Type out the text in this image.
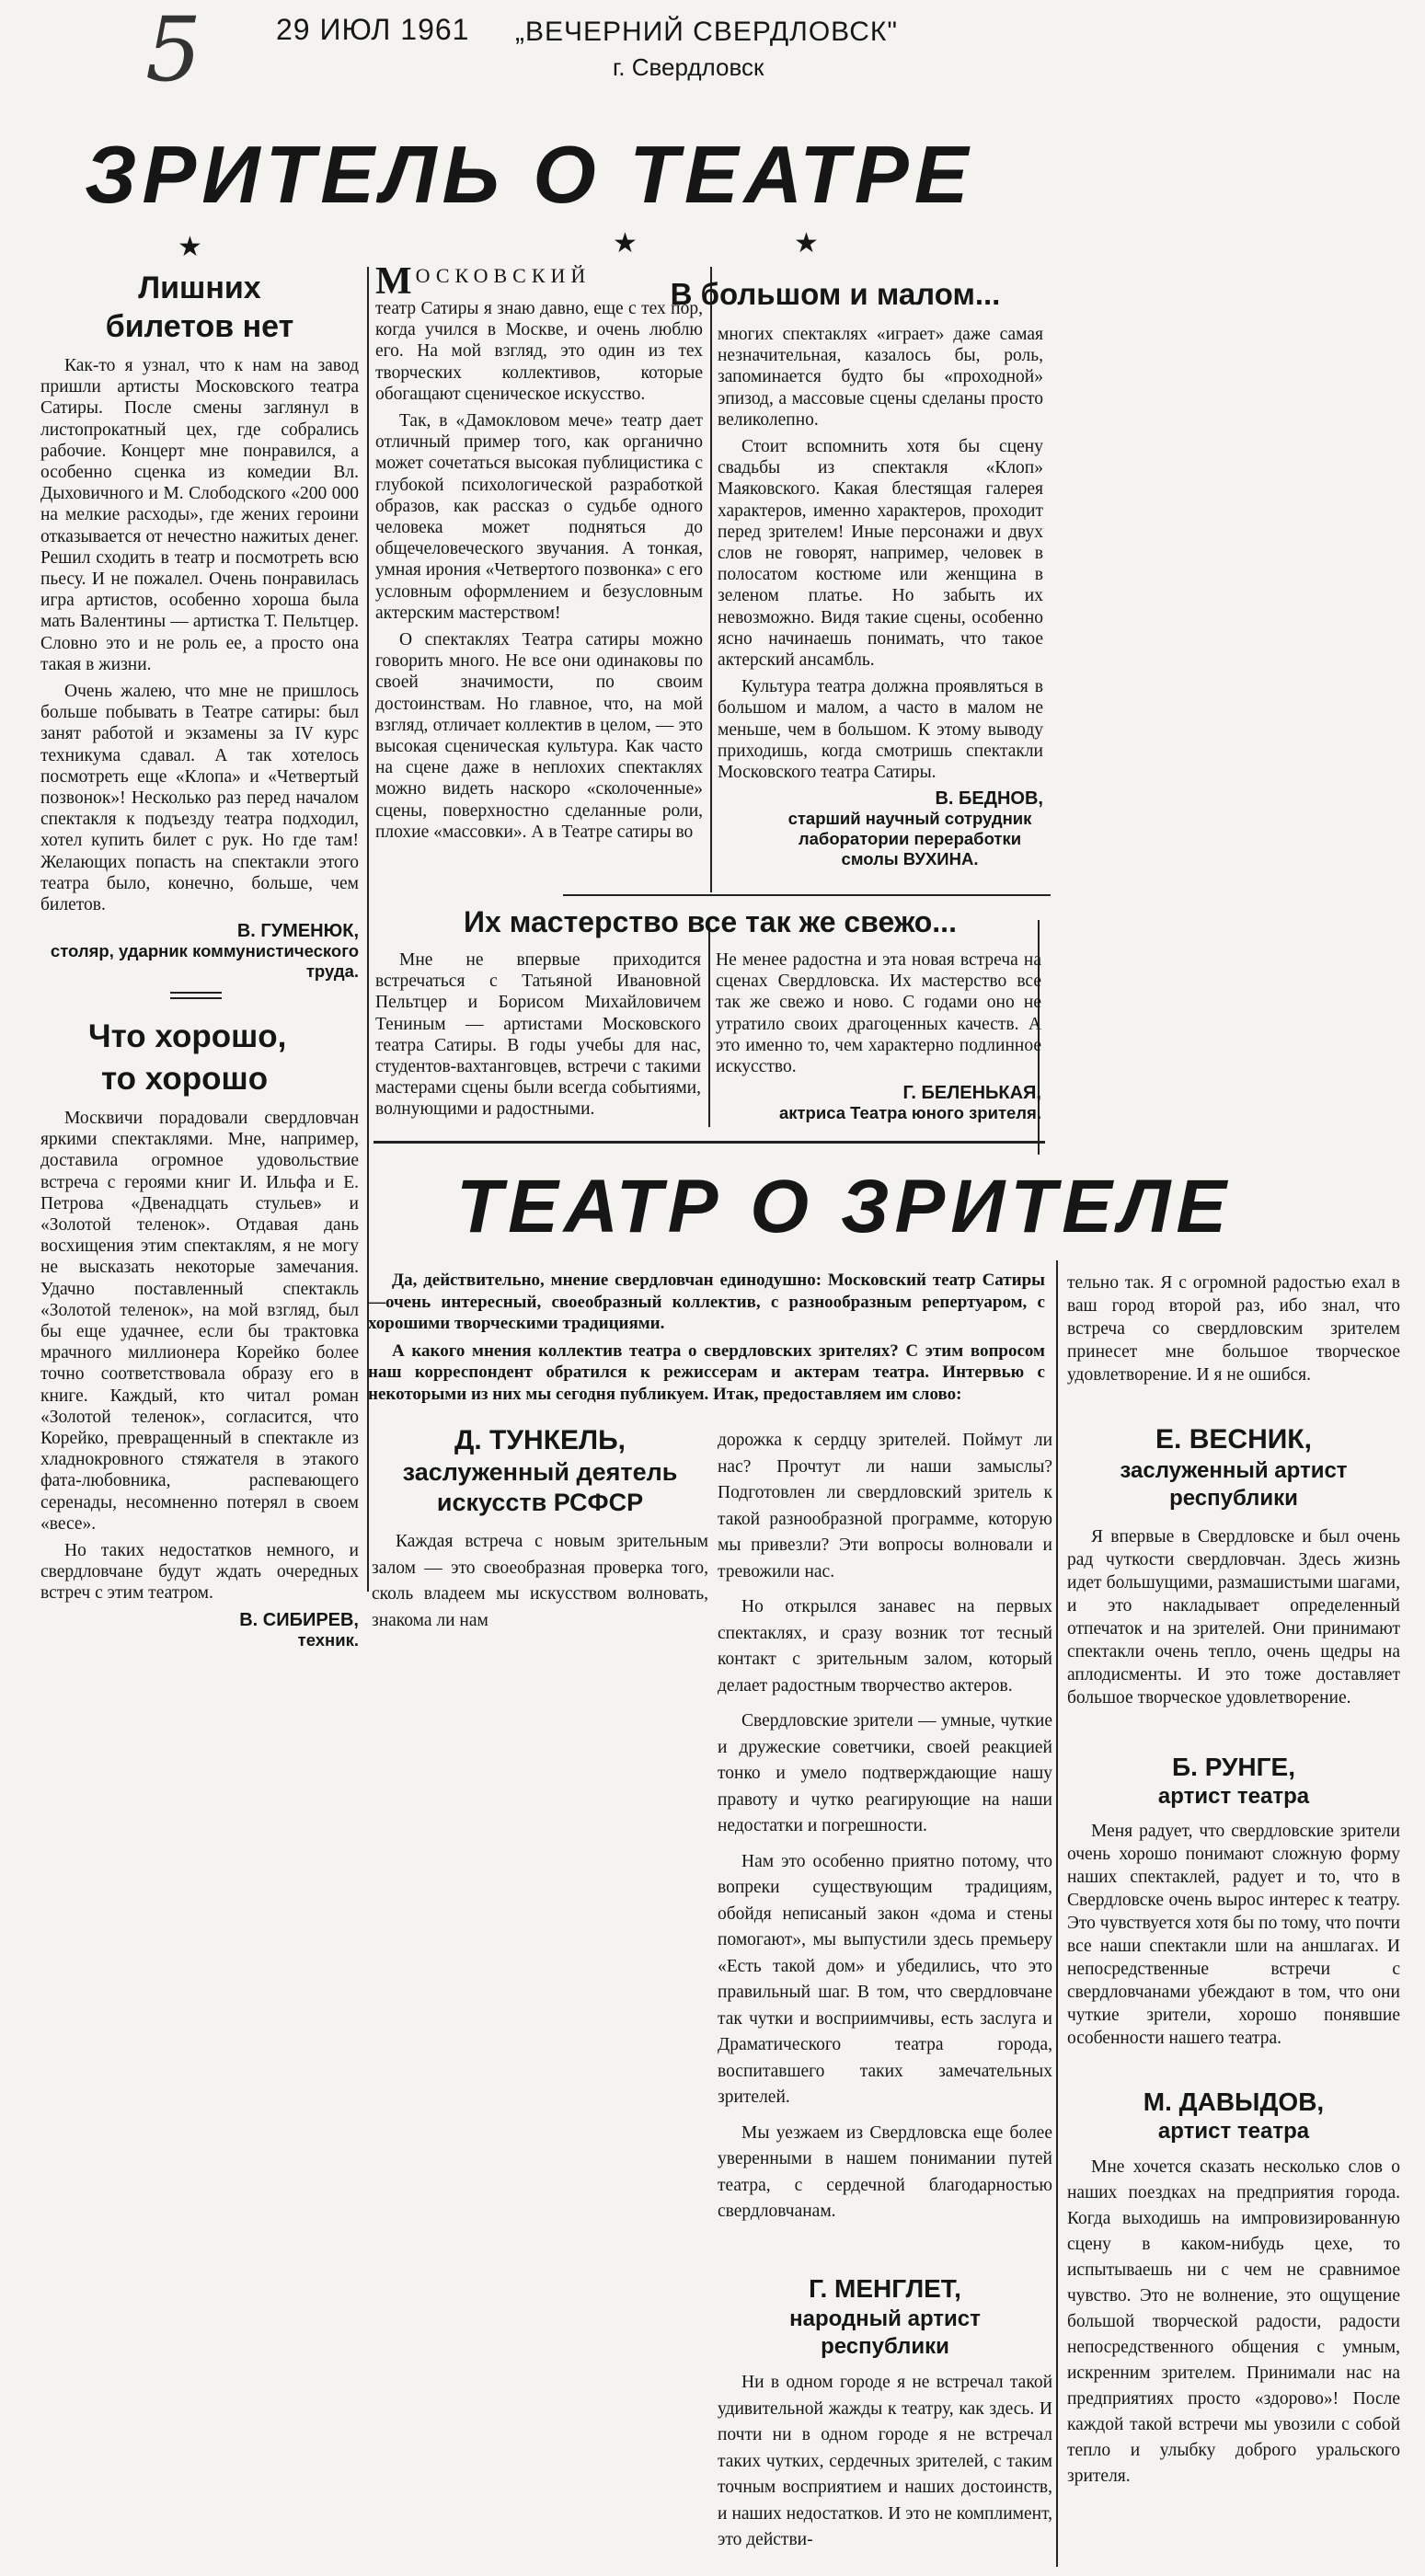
5	29 ИЮЛ 1961 „ВЕЧЕРНИЙ СВЕРДЛОВСК"
г. Свердловск
ЗРИТЕЛЬ О ТЕАТРЕ
★	★	★
Лишних билетов нет

Как-то я узнал, что к нам на завод пришли артисты Московского театра Сатиры. После смены заглянул в листопрокатный цех, где собрались рабочие. Концерт мне понравился, а особенно сценка из комедии Вл. Дыховичного и М. Слободского «200 000 на мелкие расходы», где жених героини отказывается от нечестно нажитых денег. Решил сходить в театр и посмотреть всю пьесу. И не пожалел. Очень понравилась игра артистов, особенно хороша была мать Валентины — артистка Т. Пельтцер. Словно это и не роль ее, а просто она такая в жизни.

Очень жалею, что мне не пришлось больше побывать в Театре сатиры: был занят работой и экзамены за IV курс техникума сдавал. А так хотелось посмотреть еще «Клопа» и «Четвертый позвонок»! Несколько раз перед началом спектакля к подъезду театра подходил, хотел купить билет с рук. Но где там! Желающих попасть на спектакли этого театра было, конечно, больше, чем билетов.

В. ГУМЕНЮК,
столяр, ударник коммунистического труда.
Что хорошо,
то хорошо

Москвичи порадовали свердловчан яркими спектаклями. Мне, например, доставила огромное удовольствие встреча с героями книг И. Ильфа и Е. Петрова «Двенадцать стульев» и «Золотой теленок». Отдавая дань восхищения этим спектаклям, я не могу не высказать некоторые замечания. Удачно поставленный спектакль «Золотой теленок», на мой взгляд, был бы еще удачнее, если бы трактовка мрачного миллионера Корейко более точно соответствовала образу его в книге. Каждый, кто читал роман «Золотой теленок», согласится, что Корейко, превращенный в спектакле из хладнокровного стяжателя в этакого фата-любовника, распевающего серенады, несомненно потерял в своем «весе».

Но таких недостатков немного, и свердловчане будут ждать очередных встреч с этим театром.

В. СИБИРЕВ,
техник.
М ОСКОВСКИЙ

театр Сатиры я знаю давно, еще с тех пор, когда учился в Москве, и очень люблю его. На мой взгляд, это один из тех творческих коллективов, которые обогащают сценическое искусство.

Так, в «Дамокловом мече» театр дает отличный пример того, как органично может сочетаться высокая публицистика с глубокой психологической разработкой образов, как рассказ о судьбе одного человека может подняться до общечеловеческого звучания. А тонкая, умная ирония «Четвертого позвонка» с его условным оформлением и безусловным актерским мастерством!

О спектаклях Театра сатиры можно говорить много. Не все они одинаковы по своей значимости, по своим достоинствам. Но главное, что, на мой взгляд, отличает коллектив в целом, — это высокая сценическая культура. Как часто на сцене даже в неплохих спектаклях можно видеть наскоро «сколоченные» сцены, поверхностно сделанные роли, плохие «массовки». А в Театре сатиры во

В большом и малом...

многих спектаклях «играет» даже самая незначительная, казалось бы, роль, запоминается будто бы «проходной» эпизод, а массовые сцены сделаны просто великолепно.

Стоит вспомнить хотя бы сцену свадьбы из спектакля «Клоп» Маяковского. Какая блестящая галерея характеров, именно характеров, проходит перед зрителем! Иные персонажи и двух слов не говорят, например, человек в полосатом костюме или женщина в зеленом платье. Но забыть их невозможно. Видя такие сцены, особенно ясно начинаешь понимать, что такое актерский ансамбль.

Культура театра должна проявляться в большом и малом, а часто в малом не меньше, чем в большом. К этому выводу приходишь, когда смотришь спектакли Московского театра Сатиры.

В. БЕДНОВ,
старший научный сотрудник лаборатории переработки смолы ВУХИНА.
Их мастерство все так же свежо...

Мне не впервые приходится встречаться с Татьяной Ивановной Пельтцер и Борисом Михайловичем Тениным — артистами Московского театра Сатиры. В годы учебы для нас, студентов-вахтанговцев, встречи с такими мастерами сцены были всегда событиями, волнующими и радостными.

Не менее радостна и эта новая встреча на сценах Свердловска. Их мастерство все так же свежо и ново. С годами оно не утратило своих драгоценных качеств. А это именно то, чем характерно подлинное искусство.

Г. БЕЛЕНЬКАЯ,
актриса Театра юного зрителя.
ТЕАТР О ЗРИТЕЛЕ

Да, действительно, мнение свердловчан единодушно: Московский театр Сатиры—очень интересный, своеобразный коллектив, с разнообразным репертуаром, с хорошими творческими традициями.

А какого мнения коллектив театра о свердловских зрителях? С этим вопросом наш корреспондент обратился к режиссерам и актерам театра. Интервью с некоторыми из них мы сегодня публикуем. Итак, предоставляем им слово:

Д. ТУНКЕЛЬ,
заслуженный деятель искусств РСФСР

Каждая встреча с новым зрительным залом — это своеобразная проверка того, сколь владеем мы искусством волновать, знакома ли нам

дорожка к сердцу зрителей. Поймут ли нас? Прочтут ли наши замыслы? Подготовлен ли свердловский зритель к такой разнообразной программе, которую мы привезли? Эти вопросы волновали и тревожили нас.

Но открылся занавес на первых спектаклях, и сразу возник тот тесный контакт с зрительным залом, который делает радостным творчество актеров.

Свердловские зрители — умные, чуткие и дружеские советчики, своей реакцией тонко и умело подтверждающие нашу правоту и чутко реагирующие на наши недостатки и погрешности.

Нам это особенно приятно потому, что вопреки существующим традициям, обойдя неписаный закон «дома и стены помогают», мы выпустили здесь премьеру «Есть такой дом» и убедились, что это правильный шаг. В том, что свердловчане так чутки и восприимчивы, есть заслуга и Драматического театра города, воспитавшего таких замечательных зрителей.

Мы уезжаем из Свердловска еще более уверенными в нашем понимании путей театра, с сердечной благодарностью свердловчанам.

Г. МЕНГЛЕТ,
народный артист республики

Ни в одном городе я не встречал такой удивительной жажды к театру, как здесь. И почти ни в одном городе я не встречал таких чутких, сердечных зрителей, с таким точным восприятием и наших достоинств, и наших недостатков. И это не комплимент, это действи-

тельно так. Я с огромной радостью ехал в ваш город второй раз, ибо знал, что встреча со свердловским зрителем принесет мне большое творческое удовлетворение. И я не ошибся.

Е. ВЕСНИК,
заслуженный артист республики

Я впервые в Свердловске и был очень рад чуткости свердловчан. Здесь жизнь идет большущими, размашистыми шагами, и это накладывает определенный отпечаток и на зрителей. Они принимают спектакли очень тепло, очень щедры на аплодисменты. И это тоже доставляет большое творческое удовлетворение.

Б. РУНГЕ,
артист театра

Меня радует, что свердловские зрители очень хорошо понимают сложную форму наших спектаклей, радует и то, что в Свердловске очень вырос интерес к театру. Это чувствуется хотя бы по тому, что почти все наши спектакли шли на аншлагах. И непосредственные встречи с свердловчанами убеждают в том, что они чуткие зрители, хорошо понявшие особенности нашего театра.

М. ДАВЫДОВ,
артист театра

Мне хочется сказать несколько слов о наших поездках на предприятия города. Когда выходишь на импровизированную сцену в каком-нибудь цехе, то испытываешь ни с чем не сравнимое чувство. Это не волнение, это ощущение большой творческой радости, радости непосредственного общения с умным, искренним зрителем. Принимали нас на предприятиях просто «здорово»! После каждой такой встречи мы увозили с собой тепло и улыбку доброго уральского зрителя.
